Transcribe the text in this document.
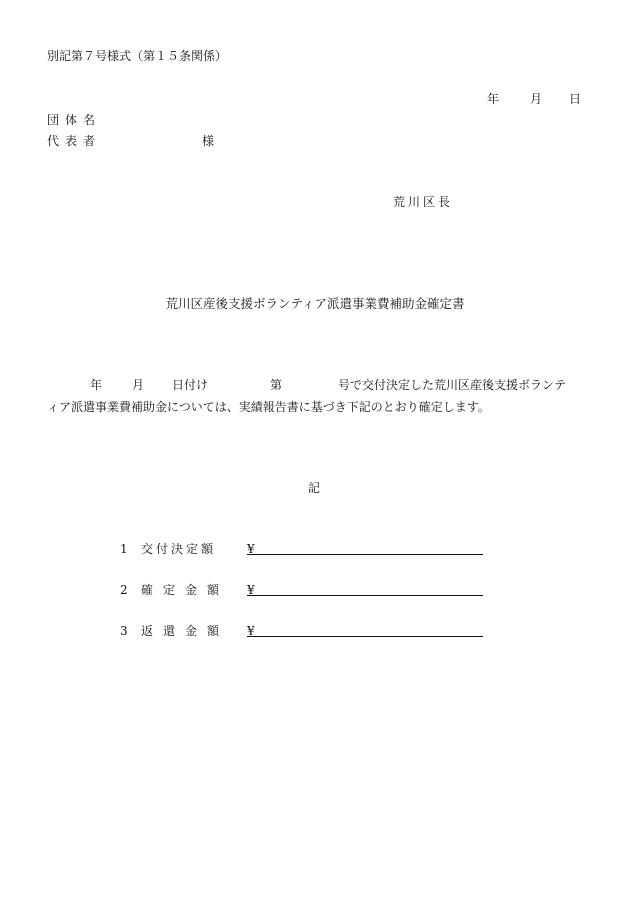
別記第７号様式（第１５条関係）
年	月 日
団体名
代表者	様
荒川区長
荒川区産後支援ボランティア派遣事業費補助金確定書
年 月 日付け	第	号で交付決定した荒川区産後支援ボランテ
ィア派遣事業費補助金については、実績報告書に基づき下記のとおり確定します。
記
1 交付決定額	¥
2 確定金額 ¥
3 返還金額 ¥
